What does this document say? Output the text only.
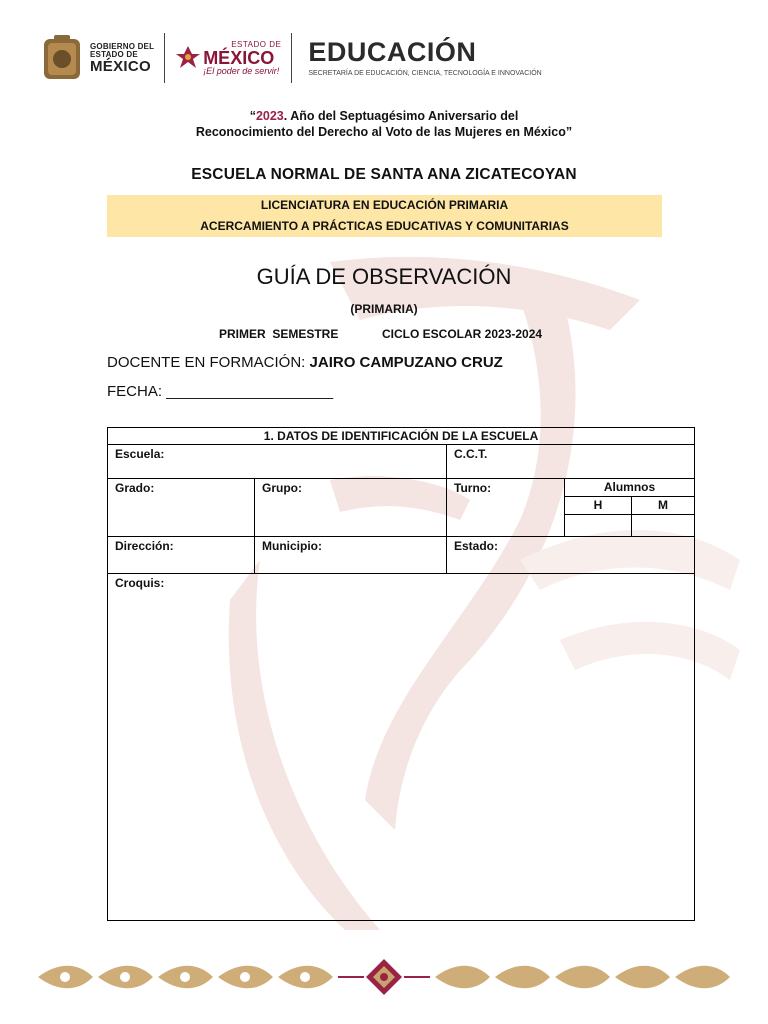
GOBIERNO DEL
ESTADO DE
MÉXICO
ESTADO DE
MÉXICO
¡El poder de servir!
EDUCACIÓN
SECRETARÍA DE EDUCACIÓN, CIENCIA, TECNOLOGÍA E INNOVACIÓN
“2023. Año del Septuagésimo Aniversario del
Reconocimiento del Derecho al Voto de las Mujeres en México”
ESCUELA NORMAL DE SANTA ANA ZICATECOYAN
LICENCIATURA EN EDUCACIÓN PRIMARIA
ACERCAMIENTO A PRÁCTICAS EDUCATIVAS Y COMUNITARIAS
GUÍA DE OBSERVACIÓN
(PRIMARIA)
PRIMER  SEMESTRE	CICLO ESCOLAR 2023-2024
DOCENTE EN FORMACIÓN: JAIRO CAMPUZANO CRUZ
FECHA: ____________________
1. DATOS DE IDENTIFICACIÓN DE LA ESCUELA				
Escuela:		C.C.T.		
Grado:	Grupo:	Turno:	Alumnos	

			H	M

Dirección:	Municipio:	Estado:		
Croquis:				
